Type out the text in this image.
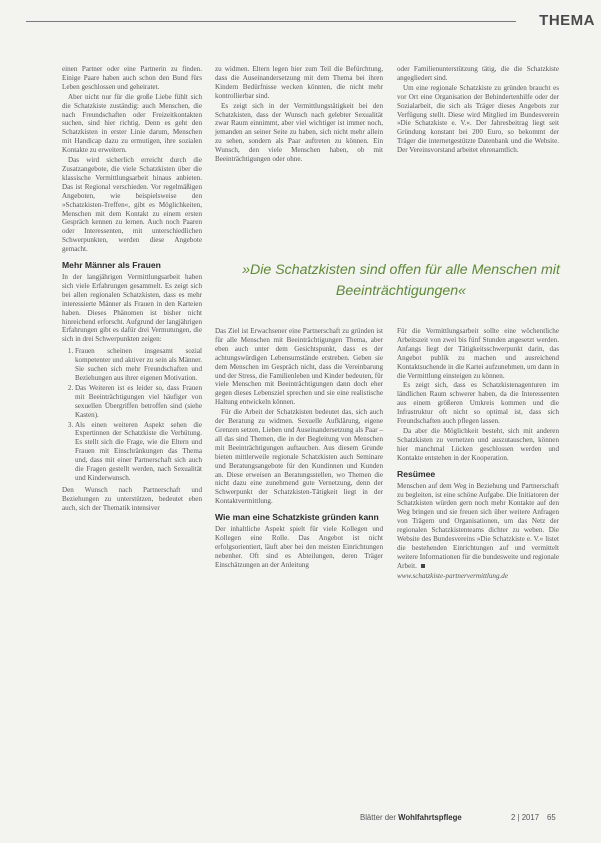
THEMA

einen Partner oder eine Partnerin zu finden. Einige Paare haben auch schon den Bund fürs Leben geschlossen und geheiratet.

Aber nicht nur für die große Liebe fühlt sich die Schatzkiste zuständig: auch Menschen, die nach Freundschaften oder Freizeitkontakten suchen, sind hier richtig. Denn es geht den Schatzkisten in erster Linie darum, Menschen mit Handicap dazu zu ermutigen, ihre sozialen Kontakte zu erweitern.

Das wird sicherlich erreicht durch die Zusatzangebote, die viele Schatzkisten über die klassische Vermittlungsarbeit hinaus anbieten. Das ist Regional verschieden. Vor regelmäßigen Angeboten, wie beispielsweise den »Schatzkisten-Treffen«, gibt es Möglichkeiten, Menschen mit dem Kontakt zu einem ersten Gespräch kennen zu lernen. Auch noch Paaren oder Interessenten, mit unterschiedlichen Schwerpunkten, werden diese Angebote gemacht.

Mehr Männer als Frauen

In der langjährigen Vermittlungsarbeit haben sich viele Erfahrungen gesammelt. Es zeigt sich bei allen regionalen Schatzkisten, dass es mehr interessierte Männer als Frauen in den Karteien haben. Dieses Phänomen ist bisher nicht hinreichend erforscht. Aufgrund der langjährigen Erfahrungen gibt es dafür drei Vermutungen, die sich in drei Schwerpunkten zeigen:

1. Frauen scheinen insgesamt sozial kompetenter und aktiver zu sein als Männer. Sie suchen sich mehr Freundschaften und Beziehungen aus ihrer eigenen Motivation.
2. Das Weiteren ist es leider so, dass Frauen mit Beeinträchtigungen viel häufiger von sexuellen Übergriffen betroffen sind (siehe Kasten).
3. Als einen weiteren Aspekt sehen die Expertinnen der Schatzkiste die Verhütung. Es stellt sich die Frage, wie die Eltern und Frauen mit Einschränkungen das Thema und, dass mit einer Partnerschaft sich auch die Fragen gestellt werden, nach Sexualität und Kinderwunsch.

Den Wunsch nach Partnerschaft und Beziehungen zu unterstützen, bedeutet eben auch, sich der Thematik intensiver

zu widmen. Eltern legen hier zum Teil die Befürchtung, dass die Auseinandersetzung mit dem Thema bei ihren Kindern Bedürfnisse wecken könnten, die nicht mehr kontrollierbar sind.

Es zeigt sich in der Vermittlungstätigkeit bei den Schatzkisten, dass der Wunsch nach gelebter Sexualität zwar Raum einnimmt, aber viel wichtiger ist immer noch, jemanden an seiner Seite zu haben, sich nicht mehr allein zu sehen, sondern als Paar auftreten zu können. Ein Wunsch, den viele Menschen haben, ob mit Beeinträchtigungen oder ohne.

oder Familienunterstützung tätig, die die Schatzkiste angegliedert sind.

Um eine regionale Schatzkiste zu gründen braucht es vor Ort eine Organisation der Behindertenhilfe oder der Sozialarbeit, die sich als Träger dieses Angebots zur Verfügung stellt. Diese wird Mitglied im Bundesverein »Die Schatzkiste e. V.«. Der Jahresbeitrag liegt seit Gründung konstant bei 200 Euro, so bekommt der Träger die internetgestützte Datenbank und die Website. Der Vereinsvorstand arbeitet ehrenamtlich.

»Die Schatzkisten sind offen für alle Menschen mit Beeinträchtigungen«

Das Ziel ist Erwachsener eine Partnerschaft zu gründen ist für alle Menschen mit Beeinträchtigungen Thema, aber eben auch unter dem Gesichtspunkt, dass es der achtungswürdigen Lebensumstände erstreben. Geben sie dem Menschen im Gespräch nicht, dass die Vereinbarung und der Stress, die Familienleben und Kinder bedeuten, für viele Menschen mit Beeinträchtigungen dann doch eher gegen dieses Lebensziel sprechen und sie eine realistische Haltung entwickeln können.

Für die Arbeit der Schatzkisten bedeutet das, sich auch der Beratung zu widmen. Sexuelle Aufklärung, eigene Grenzen setzen, Lieben und Auseinandersetzung als Paar – all das sind Themen, die in der Begleitung von Menschen mit Beeinträchtigungen auftauchen. Aus diesem Grunde bieten mittlerweile regionale Schatzkisten auch Seminare und Beratungsangebote für den Kundinnen und Kunden an. Diese erweisen an Beratungsstellen, wo Themen die nicht dazu eine zunehmend gute Vernetzung, denn der Schwerpunkt der Schatzkisten-Tätigkeit liegt in der Kontaktvermittlung.

Wie man eine Schatzkiste gründen kann

Der inhaltliche Aspekt spielt für viele Kollegen und Kollegen eine Rolle. Das Angebot ist nicht erfolgsorientiert, läuft aber bei den meisten Einrichtungen nebenher. Oft sind es Abteilungen, deren Träger Einschätzungen an der Anleitung

Für die Vermittlungsarbeit sollte eine wöchentliche Arbeitszeit von zwei bis fünf Stunden angesetzt werden. Anfangs liegt der Tätigkeitsschwerpunkt darin, das Angebot publik zu machen und ausreichend Kontaktsuchende in die Kartei aufzunehmen, um dann in die Vermittlung einsteigen zu können.

Es zeigt sich, dass es Schatzkistenagenturen im ländlichen Raum schwerer haben, da die Interessenten aus einem größeren Umkreis kommen und die Infrastruktur oft nicht so optimal ist, dass sich Freundschaften auch pflegen lassen.

Da aber die Möglichkeit besteht, sich mit anderen Schatzkisten zu vernetzen und auszutauschen, können hier manchmal Lücken geschlossen werden und Kontakte entstehen in der Kooperation.

Resümee

Menschen auf dem Weg in Beziehung und Partnerschaft zu begleiten, ist eine schöne Aufgabe. Die Initiatoren der Schatzkisten würden gern noch mehr Kontakte auf den Weg bringen und sie freuen sich über weitere Anfragen von Trägern und Organisationen, um das Netz der regionalen Schatzkistenteams dichter zu weben. Die Website des Bundesvereins »Die Schatzkiste e. V.« listet die bestehenden Einrichtungen auf und vermittelt weitere Informationen für die bundesweite und regionale Arbeit.

www.schatzkiste-partnervermittlung.de

Blätter der Wohlfahrtspflege	2 | 2017 65
